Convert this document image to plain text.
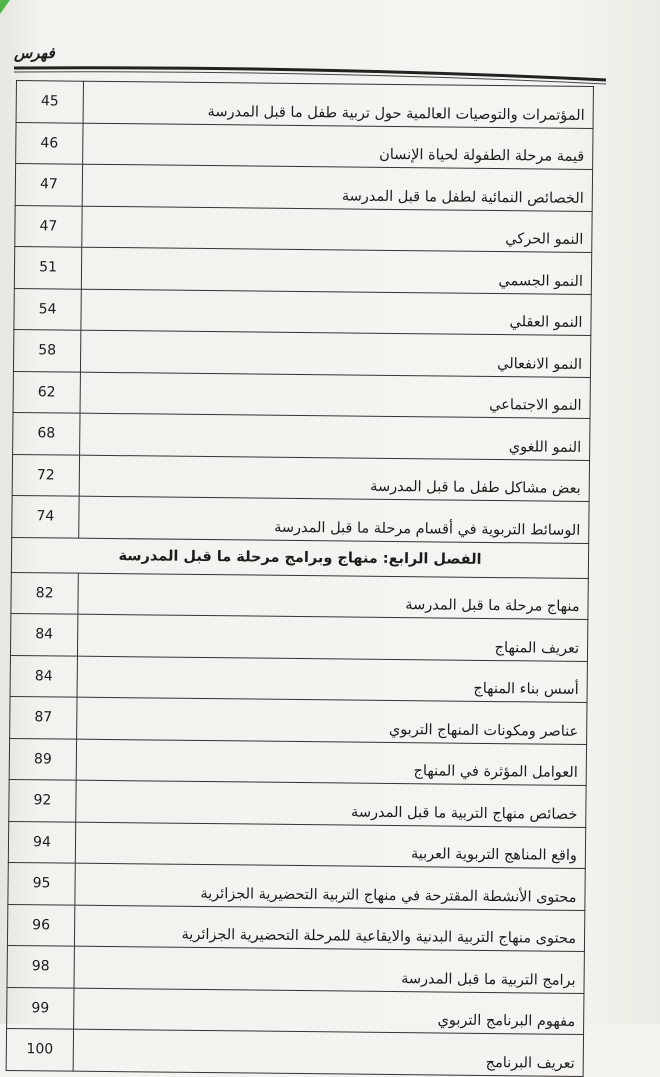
فهرس
المؤتمرات والتوصيات العالمية حول تربية طفل ما قبل المدرسة	45
قيمة مرحلة الطفولة لحياة الإنسان	46
الخصائص النمائية لطفل ما قبل المدرسة	47
النمو الحركي	47
النمو الجسمي	51
النمو العقلي	54
النمو الانفعالي	58
النمو الاجتماعي	62
النمو اللغوي	68
بعض مشاكل طفل ما قبل المدرسة	72
الوسائط التربوية في أقسام مرحلة ما قبل المدرسة	74
الفصل الرابع: منهاج وبرامج مرحلة ما قبل المدرسة	
منهاج مرحلة ما قبل المدرسة	82
تعريف المنهاج	84
أسس بناء المنهاج	84
عناصر ومكونات المنهاج التربوي	87
العوامل المؤثرة في المنهاج	89
خصائص منهاج التربية ما قبل المدرسة	92
واقع المناهج التربوية العربية	94
محتوى الأنشطة المقترحة في منهاج التربية التحضيرية الجزائرية	95
محتوى منهاج التربية البدنية والايقاعية للمرحلة التحضيرية الجزائرية	96
برامج التربية ما قبل المدرسة	98
مفهوم البرنامج التربوي	99
تعريف البرنامج	100
